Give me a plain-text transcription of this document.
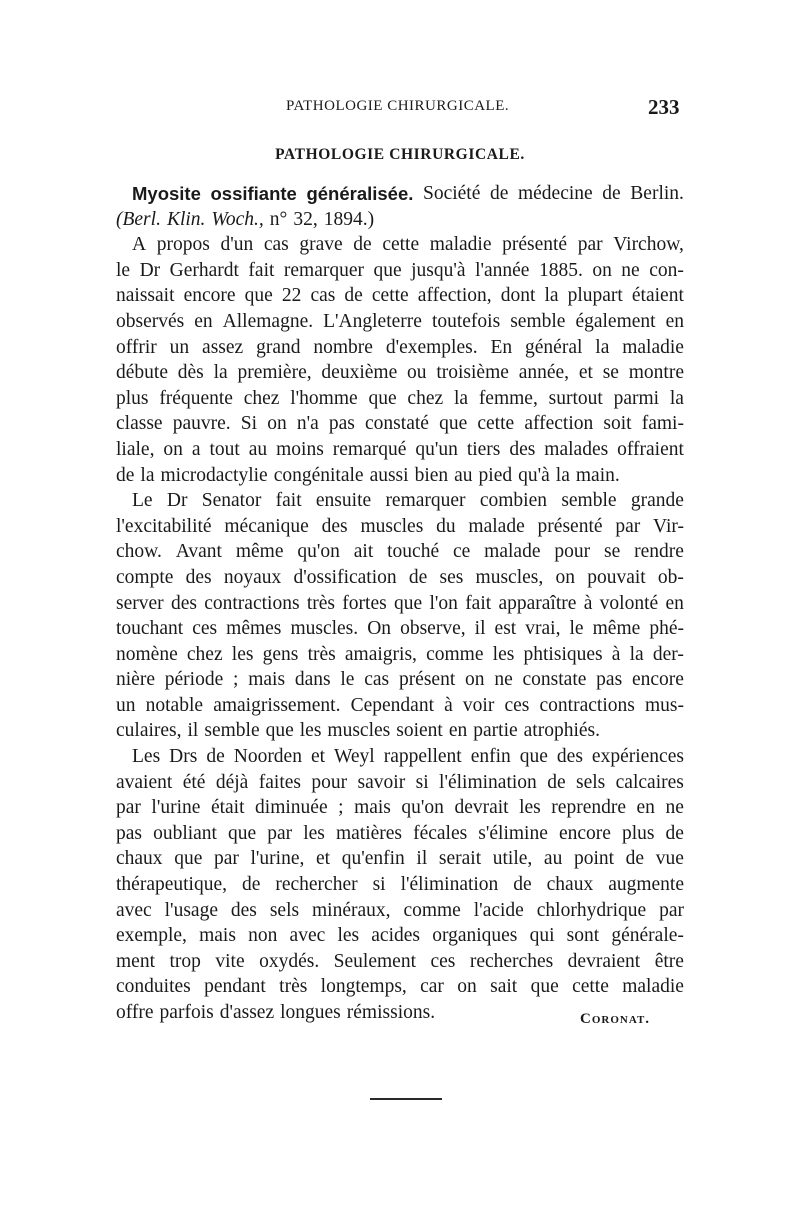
PATHOLOGIE CHIRURGICALE.	233
PATHOLOGIE CHIRURGICALE.
Myosite ossifiante généralisée. Société de médecine de Berlin.
(Berl. Klin. Woch., n° 32, 1894.)
A propos d'un cas grave de cette maladie présenté par Virchow,
le Dr Gerhardt fait remarquer que jusqu'à l'année 1885. on ne con-
naissait encore que 22 cas de cette affection, dont la plupart étaient
observés en Allemagne. L'Angleterre toutefois semble également en
offrir un assez grand nombre d'exemples. En général la maladie
débute dès la première, deuxième ou troisième année, et se montre
plus fréquente chez l'homme que chez la femme, surtout parmi la
classe pauvre. Si on n'a pas constaté que cette affection soit fami-
liale, on a tout au moins remarqué qu'un tiers des malades offraient
de la microdactylie congénitale aussi bien au pied qu'à la main.
Le Dr Senator fait ensuite remarquer combien semble grande
l'excitabilité mécanique des muscles du malade présenté par Vir-
chow. Avant même qu'on ait touché ce malade pour se rendre
compte des noyaux d'ossification de ses muscles, on pouvait ob-
server des contractions très fortes que l'on fait apparaître à volonté en
touchant ces mêmes muscles. On observe, il est vrai, le même phé-
nomène chez les gens très amaigris, comme les phtisiques à la der-
nière période ; mais dans le cas présent on ne constate pas encore
un notable amaigrissement. Cependant à voir ces contractions mus-
culaires, il semble que les muscles soient en partie atrophiés.
Les Drs de Noorden et Weyl rappellent enfin que des expériences
avaient été déjà faites pour savoir si l'élimination de sels calcaires
par l'urine était diminuée ; mais qu'on devrait les reprendre en ne
pas oubliant que par les matières fécales s'élimine encore plus de
chaux que par l'urine, et qu'enfin il serait utile, au point de vue
thérapeutique, de rechercher si l'élimination de chaux augmente
avec l'usage des sels minéraux, comme l'acide chlorhydrique par
exemple, mais non avec les acides organiques qui sont générale-
ment trop vite oxydés. Seulement ces recherches devraient être
conduites pendant très longtemps, car on sait que cette maladie
offre parfois d'assez longues rémissions.	Coronat.
